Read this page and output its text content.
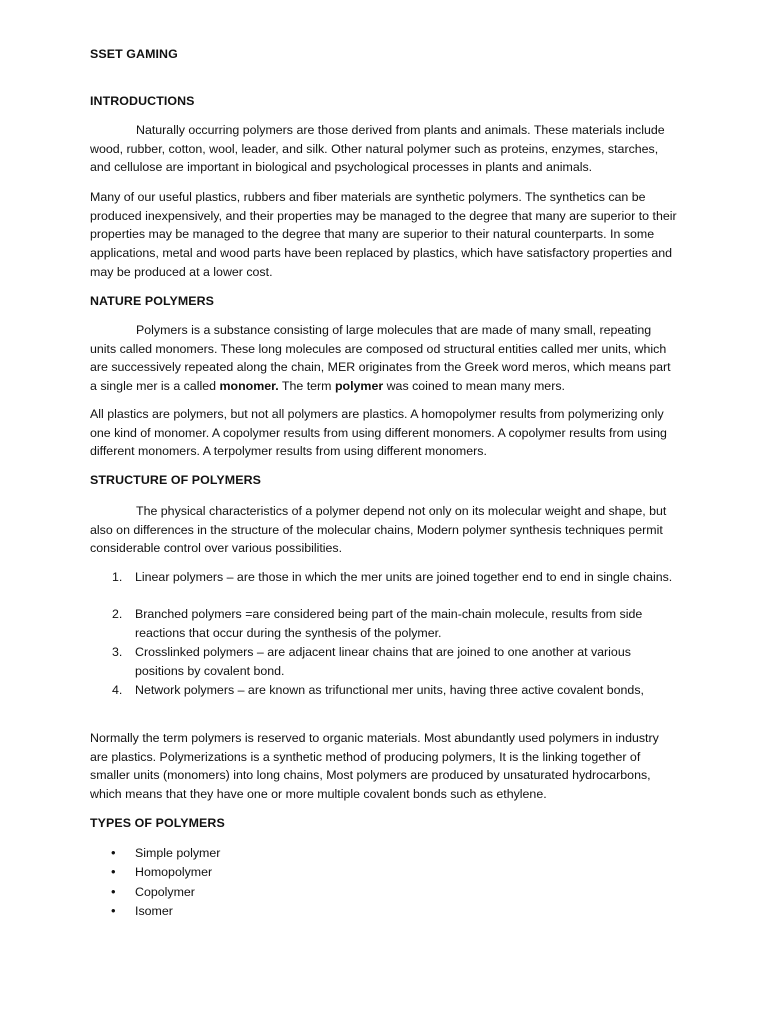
SSET GAMING
INTRODUCTIONS

Naturally occurring polymers are those derived from plants and animals. These materials include wood, rubber, cotton, wool, leader, and silk. Other natural polymer such as proteins, enzymes, starches, and cellulose are important in biological and psychological processes in plants and animals.

Many of our useful plastics, rubbers and fiber materials are synthetic polymers. The synthetics can be produced inexpensively, and their properties may be managed to the degree that many are superior to their properties may be managed to the degree that many are superior to their natural counterparts. In some applications, metal and wood parts have been replaced by plastics, which have satisfactory properties and may be produced at a lower cost.

NATURE POLYMERS

Polymers is a substance consisting of large molecules that are made of many small, repeating units called monomers. These long molecules are composed od structural entities called mer units, which are successively repeated along the chain, MER originates from the Greek word meros, which means part a single mer is a called monomer. The term polymer was coined to mean many mers.

All plastics are polymers, but not all polymers are plastics. A homopolymer results from polymerizing only one kind of monomer. A copolymer results from using different monomers. A copolymer results from using different monomers. A terpolymer results from using different monomers.

STRUCTURE OF POLYMERS

The physical characteristics of a polymer depend not only on its molecular weight and shape, but also on differences in the structure of the molecular chains, Modern polymer synthesis techniques permit considerable control over various possibilities.

1. Linear polymers – are those in which the mer units are joined together end to end in single chains.
2. Branched polymers =are considered being part of the main-chain molecule, results from side reactions that occur during the synthesis of the polymer.
3. Crosslinked polymers – are adjacent linear chains that are joined to one another at various positions by covalent bond.
4. Network polymers – are known as trifunctional mer units, having three active covalent bonds,

Normally the term polymers is reserved to organic materials. Most abundantly used polymers in industry are plastics. Polymerizations is a synthetic method of producing polymers, It is the linking together of smaller units (monomers) into long chains, Most polymers are produced by unsaturated hydrocarbons, which means that they have one or more multiple covalent bonds such as ethylene.

TYPES OF POLYMERS
• Simple polymer
• Homopolymer
• Copolymer
• Isomer
